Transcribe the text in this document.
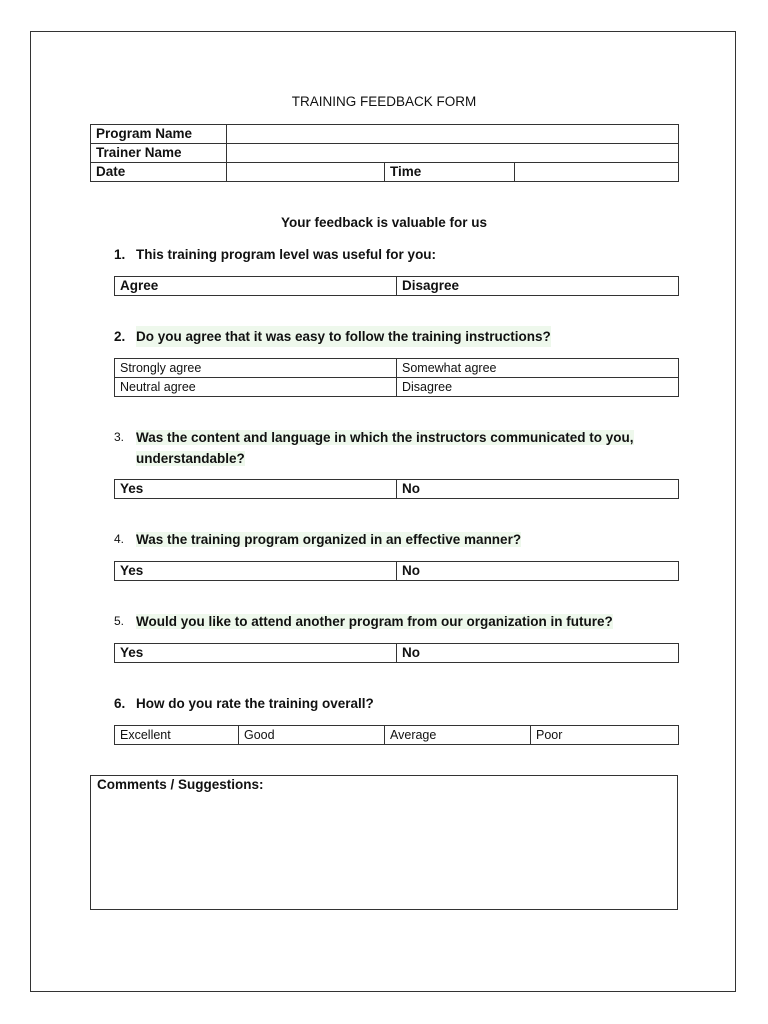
TRAINING FEEDBACK FORM
Program Name			
Trainer Name			
Date		Time	
Your feedback is valuable for us
1. This training program level was useful for you:
Agree	Disagree
2. Do you agree that it was easy to follow the training instructions?
Strongly agree	Somewhat agree
Neutral agree	Disagree
3. Was the content and language in which the instructors communicated to you,
understandable?
Yes	No
4. Was the training program organized in an effective manner?
Yes	No
5. Would you like to attend another program from our organization in future?
Yes	No
6. How do you rate the training overall?
Excellent	Good	Average	Poor
Comments / Suggestions:
